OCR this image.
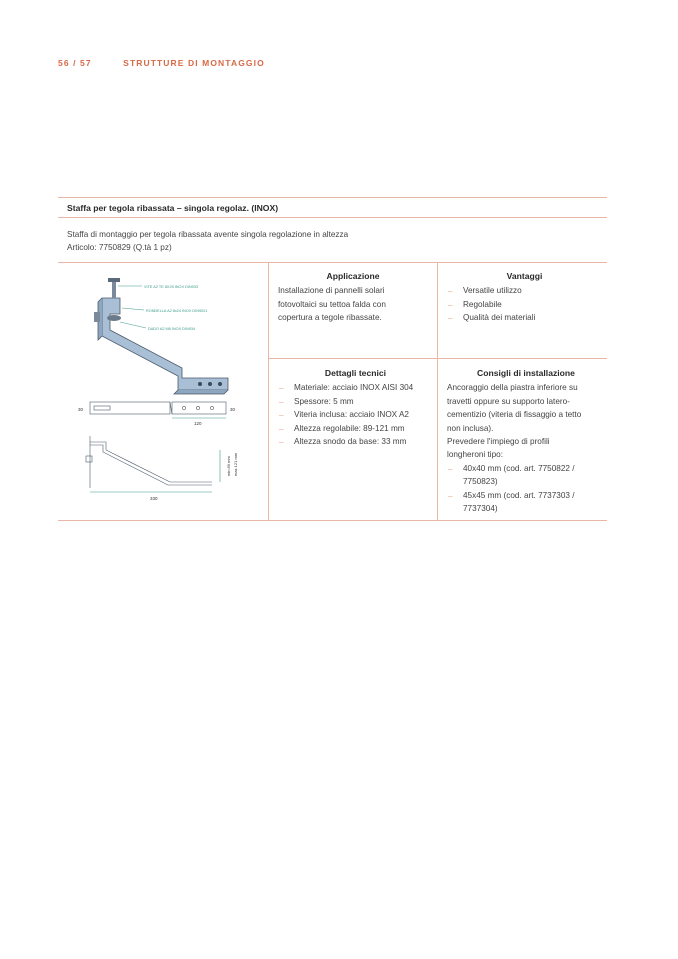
56 / 57	STRUTTURE DI MONTAGGIO
Staffa per tegola ribassata – singola regolaz. (INOX)
Staffa di montaggio per tegola ribassata avente singola regolazione in altezza
Articolo: 7750829 (Q.tà 1 pz)
VITE A2 TE 8X25 INOX DIN933
RONDELLA A2 8x24 INOX DIN9021
DADO A2 M8 INOX DIN934
30	30
120
330
min 89 mm max 121 mm
Applicazione

Installazione di pannelli solari

fotovoltaici su tettoa falda con

copertura a tegole ribassate.

Vantaggi
_ Versatile utilizzo
_ Regolabile
_ Qualità dei materiali
Dettagli tecnici
_ Materiale: acciaio INOX AISI 304
_ Spessore: 5 mm
_ Viteria inclusa: acciaio INOX A2
_ Altezza regolabile: 89-121 mm
_ Altezza snodo da base: 33 mm
Consigli di installazione

Ancoraggio della piastra inferiore su

travetti oppure su supporto latero-

cementizio (viteria di fissaggio a tetto

non inclusa).

Prevedere l'impiego di profili

longheroni tipo:

_ 40x40 mm (cod. art. 7750822 /
7750823)
_ 45x45 mm (cod. art. 7737303 /
7737304)
